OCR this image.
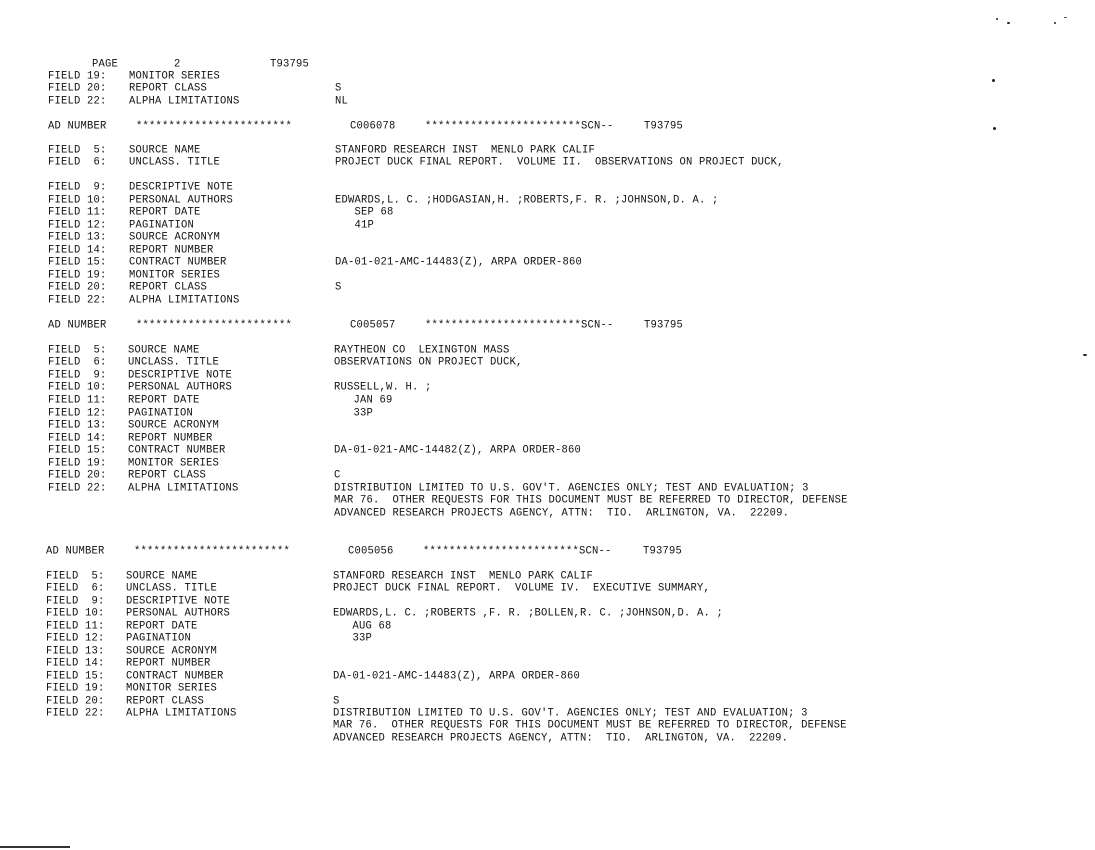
PAGE	2	T93795
FIELD 19: MONITOR SERIES
FIELD 20: REPORT CLASS	S
FIELD 22: ALPHA LIMITATIONS	NL
AD NUMBER	************************	C006078	************************SCN--	T93795
FIELD  5: SOURCE NAME	STANFORD RESEARCH INST  MENLO PARK CALIF
FIELD  6: UNCLASS. TITLE	PROJECT DUCK FINAL REPORT.  VOLUME II.  OBSERVATIONS ON PROJECT DUCK,
FIELD  9: DESCRIPTIVE NOTE
FIELD 10: PERSONAL AUTHORS	EDWARDS,L. C. ;HODGASIAN,H. ;ROBERTS,F. R. ;JOHNSON,D. A. ;
FIELD 11: REPORT DATE	SEP 68
FIELD 12: PAGINATION	41P
FIELD 13: SOURCE ACRONYM
FIELD 14: REPORT NUMBER
FIELD 15: CONTRACT NUMBER	DA-01-021-AMC-14483(Z), ARPA ORDER-860
FIELD 19: MONITOR SERIES
FIELD 20: REPORT CLASS	S
FIELD 22: ALPHA LIMITATIONS
AD NUMBER	************************	C005057	************************SCN--	T93795
FIELD  5: SOURCE NAME	RAYTHEON CO  LEXINGTON MASS
FIELD  6: UNCLASS. TITLE	OBSERVATIONS ON PROJECT DUCK,
FIELD  9: DESCRIPTIVE NOTE
FIELD 10: PERSONAL AUTHORS	RUSSELL,W. H. ;
FIELD 11: REPORT DATE	JAN 69
FIELD 12: PAGINATION	33P
FIELD 13: SOURCE ACRONYM
FIELD 14: REPORT NUMBER
FIELD 15: CONTRACT NUMBER	DA-01-021-AMC-14482(Z), ARPA ORDER-860
FIELD 19: MONITOR SERIES
FIELD 20: REPORT CLASS	C
FIELD 22: ALPHA LIMITATIONS	DISTRIBUTION LIMITED TO U.S. GOV'T. AGENCIES ONLY; TEST AND EVALUATION; 3
MAR 76.  OTHER REQUESTS FOR THIS DOCUMENT MUST BE REFERRED TO DIRECTOR, DEFENSE
ADVANCED RESEARCH PROJECTS AGENCY, ATTN:  TIO.  ARLINGTON, VA.  22209.
AD NUMBER	************************	C005056	************************SCN--	T93795
FIELD  5: SOURCE NAME	STANFORD RESEARCH INST  MENLO PARK CALIF
FIELD  6: UNCLASS. TITLE	PROJECT DUCK FINAL REPORT.  VOLUME IV.  EXECUTIVE SUMMARY,
FIELD  9: DESCRIPTIVE NOTE
FIELD 10: PERSONAL AUTHORS	EDWARDS,L. C. ;ROBERTS ,F. R. ;BOLLEN,R. C. ;JOHNSON,D. A. ;
FIELD 11: REPORT DATE	AUG 68
FIELD 12: PAGINATION	33P
FIELD 13: SOURCE ACRONYM
FIELD 14: REPORT NUMBER
FIELD 15: CONTRACT NUMBER	DA-01-021-AMC-14483(Z), ARPA ORDER-860
FIELD 19: MONITOR SERIES
FIELD 20: REPORT CLASS	S
FIELD 22: ALPHA LIMITATIONS	DISTRIBUTION LIMITED TO U.S. GOV'T. AGENCIES ONLY; TEST AND EVALUATION; 3
MAR 76.  OTHER REQUESTS FOR THIS DOCUMENT MUST BE REFERRED TO DIRECTOR, DEFENSE
ADVANCED RESEARCH PROJECTS AGENCY, ATTN:  TIO.  ARLINGTON, VA.  22209.
